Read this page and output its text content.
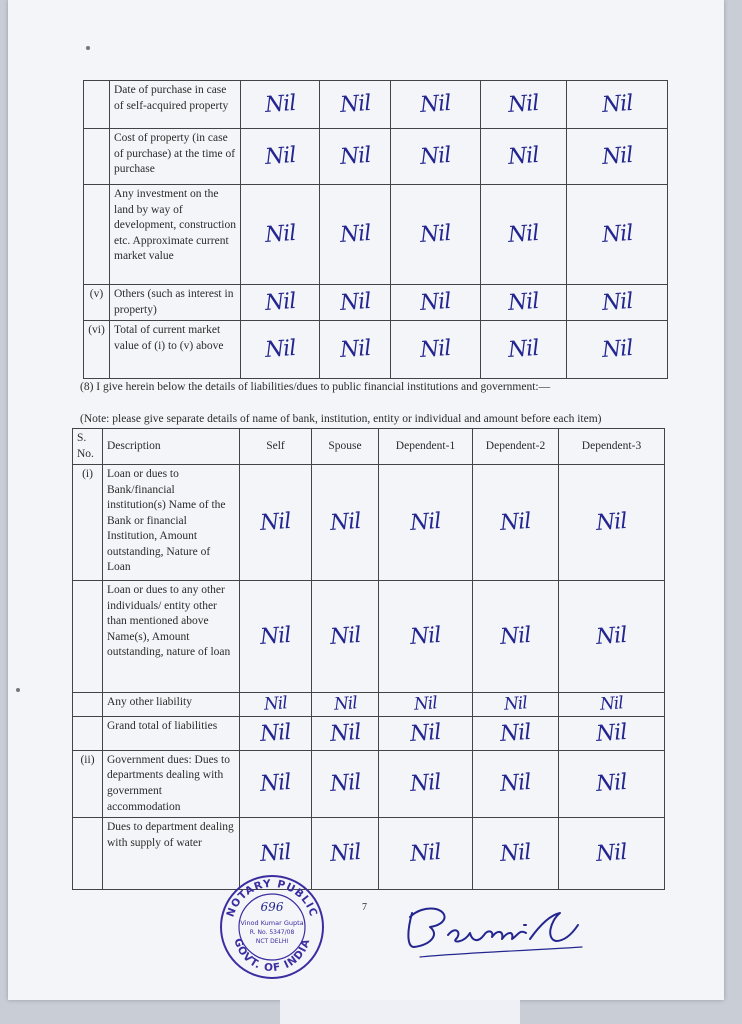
	Date of purchase in case of self-acquired property	Nil	Nil	Nil	Nil	Nil
	Cost of property (in case of purchase) at the time of purchase	Nil	Nil	Nil	Nil	Nil
	Any investment on the land by way of development, construction etc. Approximate current market value	Nil	Nil	Nil	Nil	Nil
(v)	Others (such as interest in property)	Nil	Nil	Nil	Nil	Nil
(vi)	Total of current market value of (i) to (v) above	Nil	Nil	Nil	Nil	Nil
(8) I give herein below the details of liabilities/dues to public financial institutions and government:—
(Note: please give separate details of name of bank, institution, entity or individual and amount before each item)
S. No.	Description	Self	Spouse	Dependent-1	Dependent-2	Dependent-3
(i)	Loan or dues to Bank/financial institution(s) Name of the Bank or financial Institution, Amount outstanding, Nature of Loan	Nil	Nil	Nil	Nil	Nil
	Loan or dues to any other individuals/ entity other than mentioned above Name(s), Amount outstanding, nature of loan	Nil	Nil	Nil	Nil	Nil
	Any other liability	Nil	Nil	Nil	Nil	Nil
	Grand total of liabilities	Nil	Nil	Nil	Nil	Nil
(ii)	Government dues: Dues to departments dealing with government accommodation	Nil	Nil	Nil	Nil	Nil
	Dues to department dealing with supply of water	Nil	Nil	Nil	Nil	Nil
7
NOTARY PUBLIC
GOVT. OF INDIA
696
Vinod Kumar Gupta
R. No. 5347/08
NCT DELHI
